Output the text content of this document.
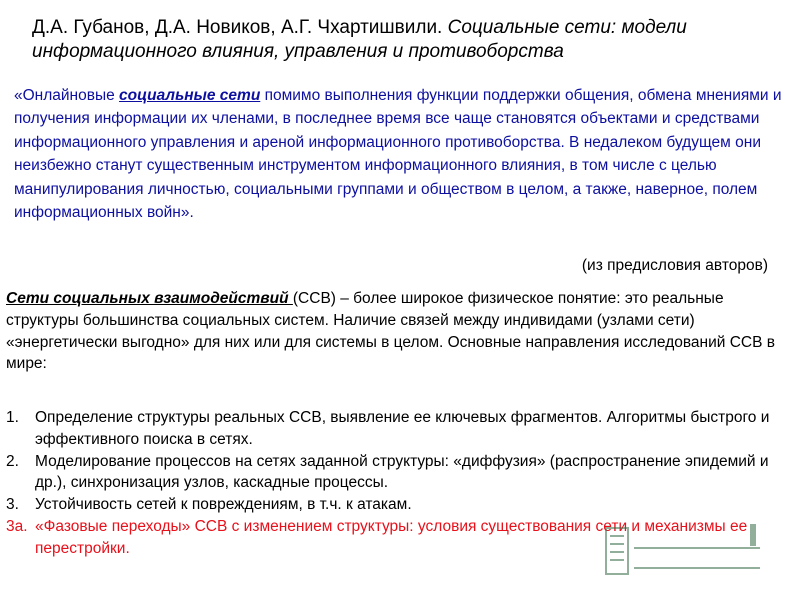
Д.А. Губанов, Д.А. Новиков, А.Г. Чхартишвили. Социальные сети: модели информационного влияния, управления и противоборства
«Онлайновые социальные сети помимо выполнения функции поддержки общения, обмена мнениями и получения информации их членами, в последнее время все чаще становятся объектами и средствами информационного управления и ареной информационного противоборства. В недалеком будущем они неизбежно станут существенным инструментом информационного влияния, в том числе с целью манипулирования личностью, социальными группами и обществом в целом, а также, наверное, полем информационных войн».
(из предисловия авторов)
Сети социальных взаимодействий (ССВ) – более широкое физическое понятие: это реальные структуры большинства социальных систем. Наличие связей между индивидами (узлами сети) «энергетически выгодно» для них или для системы в целом. Основные направления исследований ССВ в мире:
1. Определение структуры реальных ССВ, выявление ее ключевых фрагментов. Алгоритмы быстрого и эффективного поиска в сетях.
2. Моделирование процессов на сетях заданной структуры: «диффузия» (распространение эпидемий и др.), синхронизация узлов, каскадные процессы.
3. Устойчивость сетей к повреждениям, в т.ч. к атакам.
3а. «Фазовые переходы» ССВ с изменением структуры: условия существования сети и механизмы ее перестройки.
